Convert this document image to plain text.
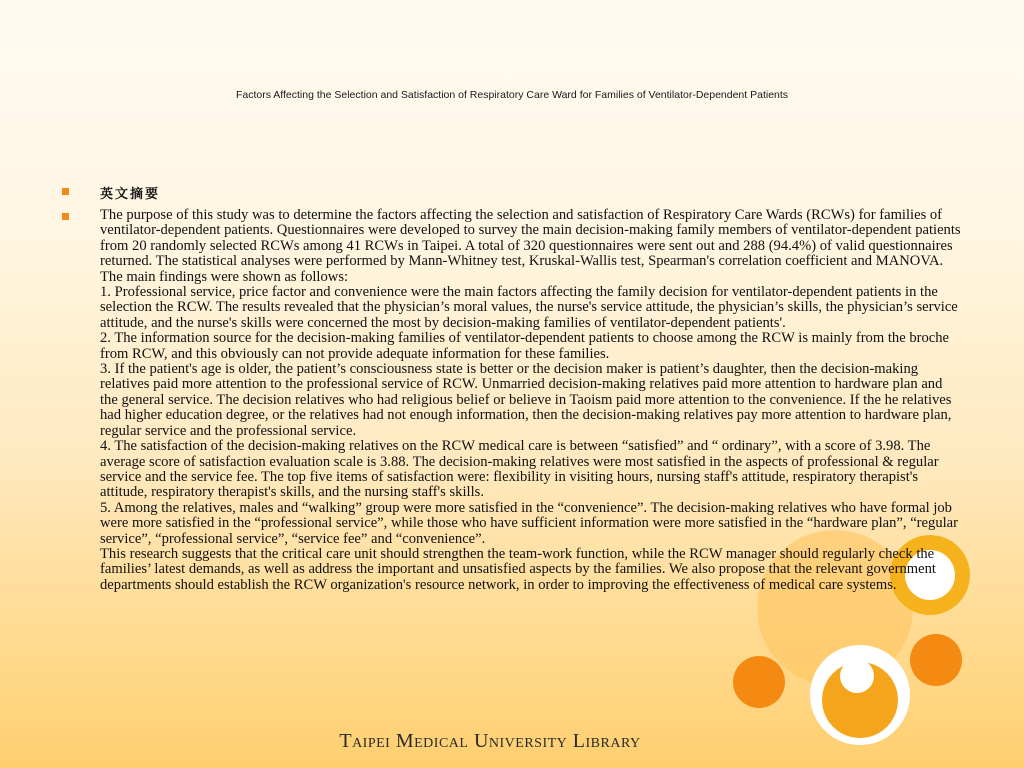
Factors Affecting the Selection and Satisfaction of Respiratory Care Ward for Families of Ventilator-Dependent Patients
英文摘要

The purpose of this study was to determine the factors affecting the selection and satisfaction of Respiratory Care Wards (RCWs) for families of ventilator-dependent patients. Questionnaires were developed to survey the main decision-making family members of ventilator-dependent patients from 20 randomly selected RCWs among 41 RCWs in Taipei. A total of 320 questionnaires were sent out and 288 (94.4%) of valid questionnaires returned. The statistical analyses were performed by Mann-Whitney test, Kruskal-Wallis test, Spearman's correlation coefficient and MANOVA.

The main findings were shown as follows:

1. Professional service, price factor and convenience were the main factors affecting the family decision for ventilator-dependent patients in the selection the RCW. The results revealed that the physician’s moral values, the nurse's service attitude, the physician’s skills, the physician’s service attitude, and the nurse's skills were concerned the most by decision-making families of ventilator-dependent patients'.

2. The information source for the decision-making families of ventilator-dependent patients to choose among the RCW is mainly from the broche from RCW, and this obviously can not provide adequate information for these families.

3. If the patient's age is older, the patient’s consciousness state is better or the decision maker is patient’s daughter, then the decision-making relatives paid more attention to the professional service of RCW. Unmarried decision-making relatives paid more attention to hardware plan and the general service. The decision relatives who had religious belief or believe in Taoism paid more attention to the convenience. If the he relatives had higher education degree, or the relatives had not enough information, then the decision-making relatives pay more attention to hardware plan, regular service and the professional service.

4. The satisfaction of the decision-making relatives on the RCW medical care is between “satisfied” and “ ordinary”, with a score of 3.98. The average score of satisfaction evaluation scale is 3.88. The decision-making relatives were most satisfied in the aspects of professional & regular service and the service fee. The top five items of satisfaction were: flexibility in visiting hours, nursing staff's attitude, respiratory therapist's attitude, respiratory therapist's skills, and the nursing staff's skills.

5. Among the relatives, males and “walking” group were more satisfied in the “convenience”. The decision-making relatives who have formal job were more satisfied in the “professional service”, while those who have sufficient information were more satisfied in the “hardware plan”, “regular service”, “professional service”, “service fee” and “convenience”.

This research suggests that the critical care unit should strengthen the team-work function, while the RCW manager should regularly check the families’ latest demands, as well as address the important and unsatisfied aspects by the families. We also propose that the relevant government departments should establish the RCW organization's resource network, in order to improving the effectiveness of medical care systems.

Taipei Medical University Library
